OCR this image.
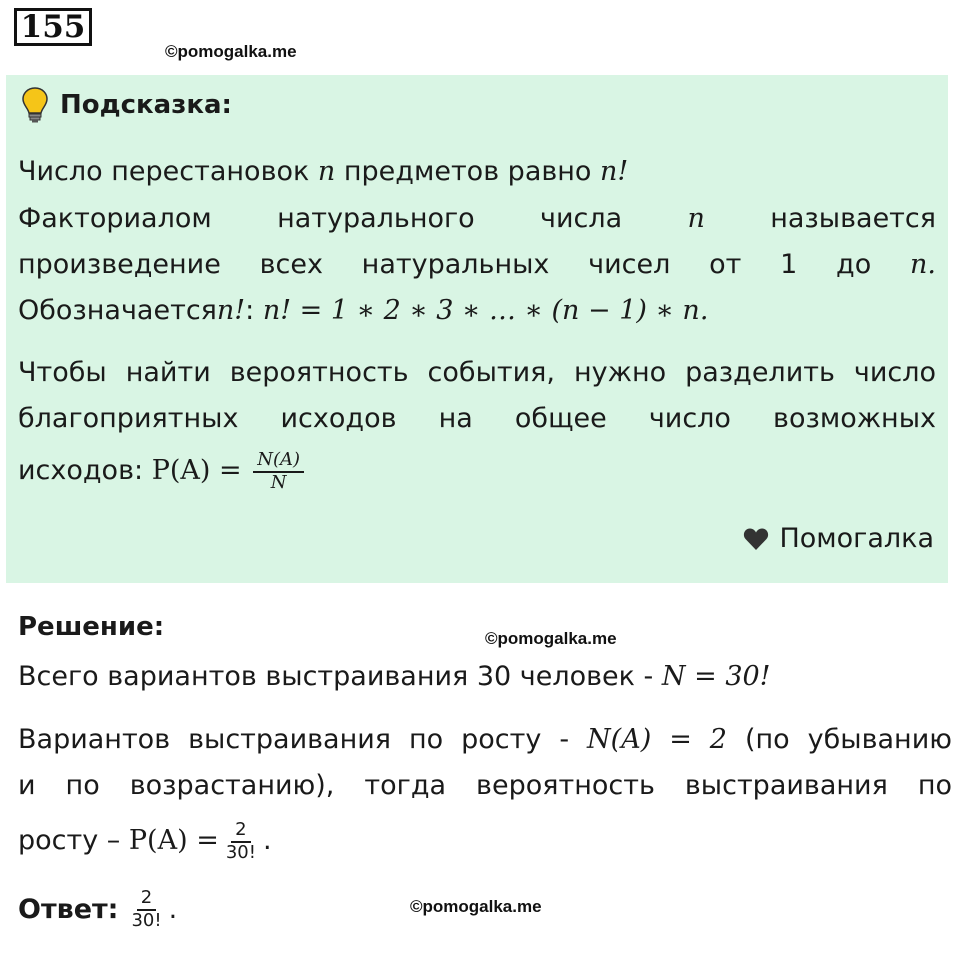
155
©pomogalka.me
Подсказка:
Число перестановок n предметов равно n!
Факториалом натурального числа n называется
произведение всех натуральных чисел от 1 до n.
Обозначаетсяn!: n! = 1 ∗ 2 ∗ 3 ∗ … ∗ (n − 1) ∗ n.
Чтобы найти вероятность события, нужно разделить число
благоприятных исходов на общее число возможных
исходов: $P(A) = \frac{N(A)}{N}$
Помогалка
Решение:	©pomogalka.me
Всего вариантов выстраивания 30 человек - N = 30!
Вариантов выстраивания по росту - N(A) = 2 (по убыванию
и по возрастанию), тогда вероятность выстраивания по
росту – $P(A) = \frac{2}{30!}$ .
©pomogalka.me
Ответ: $\frac{2}{30!}$ .
